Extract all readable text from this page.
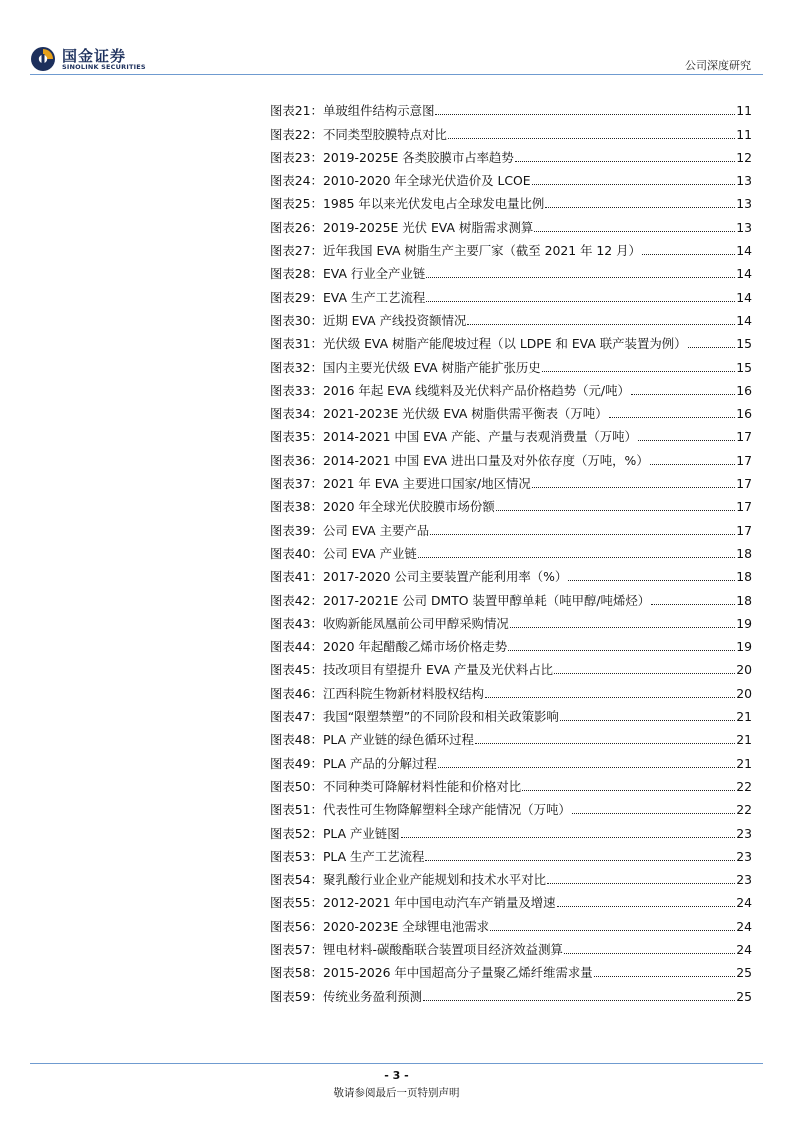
国金证券
SINOLINK SECURITIES	公司深度研究
图表21： 单玻组件结构示意图	11
图表22： 不同类型胶膜特点对比	11
图表23： 2019-2025E 各类胶膜市占率趋势	12
图表24： 2010-2020 年全球光伏造价及 LCOE	13
图表25： 1985 年以来光伏发电占全球发电量比例	13
图表26： 2019-2025E 光伏 EVA 树脂需求测算	13
图表27： 近年我国 EVA 树脂生产主要厂家（截至 2021 年 12 月）	14
图表28： EVA 行业全产业链	14
图表29： EVA 生产工艺流程	14
图表30： 近期 EVA 产线投资额情况	14
图表31： 光伏级 EVA 树脂产能爬坡过程（以 LDPE 和 EVA 联产装置为例）	15
图表32： 国内主要光伏级 EVA 树脂产能扩张历史	15
图表33： 2016 年起 EVA 线缆料及光伏料产品价格趋势（元/吨）	16
图表34： 2021-2023E 光伏级 EVA 树脂供需平衡表（万吨）	16
图表35： 2014-2021 中国 EVA 产能、产量与表观消费量（万吨）	17
图表36： 2014-2021 中国 EVA 进出口量及对外依存度（万吨，%）	17
图表37： 2021 年 EVA 主要进口国家/地区情况	17
图表38： 2020 年全球光伏胶膜市场份额	17
图表39： 公司 EVA 主要产品	17
图表40： 公司 EVA 产业链	18
图表41： 2017-2020 公司主要装置产能利用率（%）	18
图表42： 2017-2021E 公司 DMTO 装置甲醇单耗（吨甲醇/吨烯烃）	18
图表43： 收购新能凤凰前公司甲醇采购情况	19
图表44： 2020 年起醋酸乙烯市场价格走势	19
图表45： 技改项目有望提升 EVA 产量及光伏料占比	20
图表46： 江西科院生物新材料股权结构	20
图表47： 我国“限塑禁塑”的不同阶段和相关政策影响	21
图表48： PLA 产业链的绿色循环过程	21
图表49： PLA 产品的分解过程	21
图表50： 不同种类可降解材料性能和价格对比	22
图表51： 代表性可生物降解塑料全球产能情况（万吨）	22
图表52： PLA 产业链图	23
图表53： PLA 生产工艺流程	23
图表54： 聚乳酸行业企业产能规划和技术水平对比	23
图表55： 2012-2021 年中国电动汽车产销量及增速	24
图表56： 2020-2023E 全球锂电池需求	24
图表57： 锂电材料-碳酸酯联合装置项目经济效益测算	24
图表58： 2015-2026 年中国超高分子量聚乙烯纤维需求量	25
图表59： 传统业务盈利预测	25
- 3 -
敬请参阅最后一页特别声明
